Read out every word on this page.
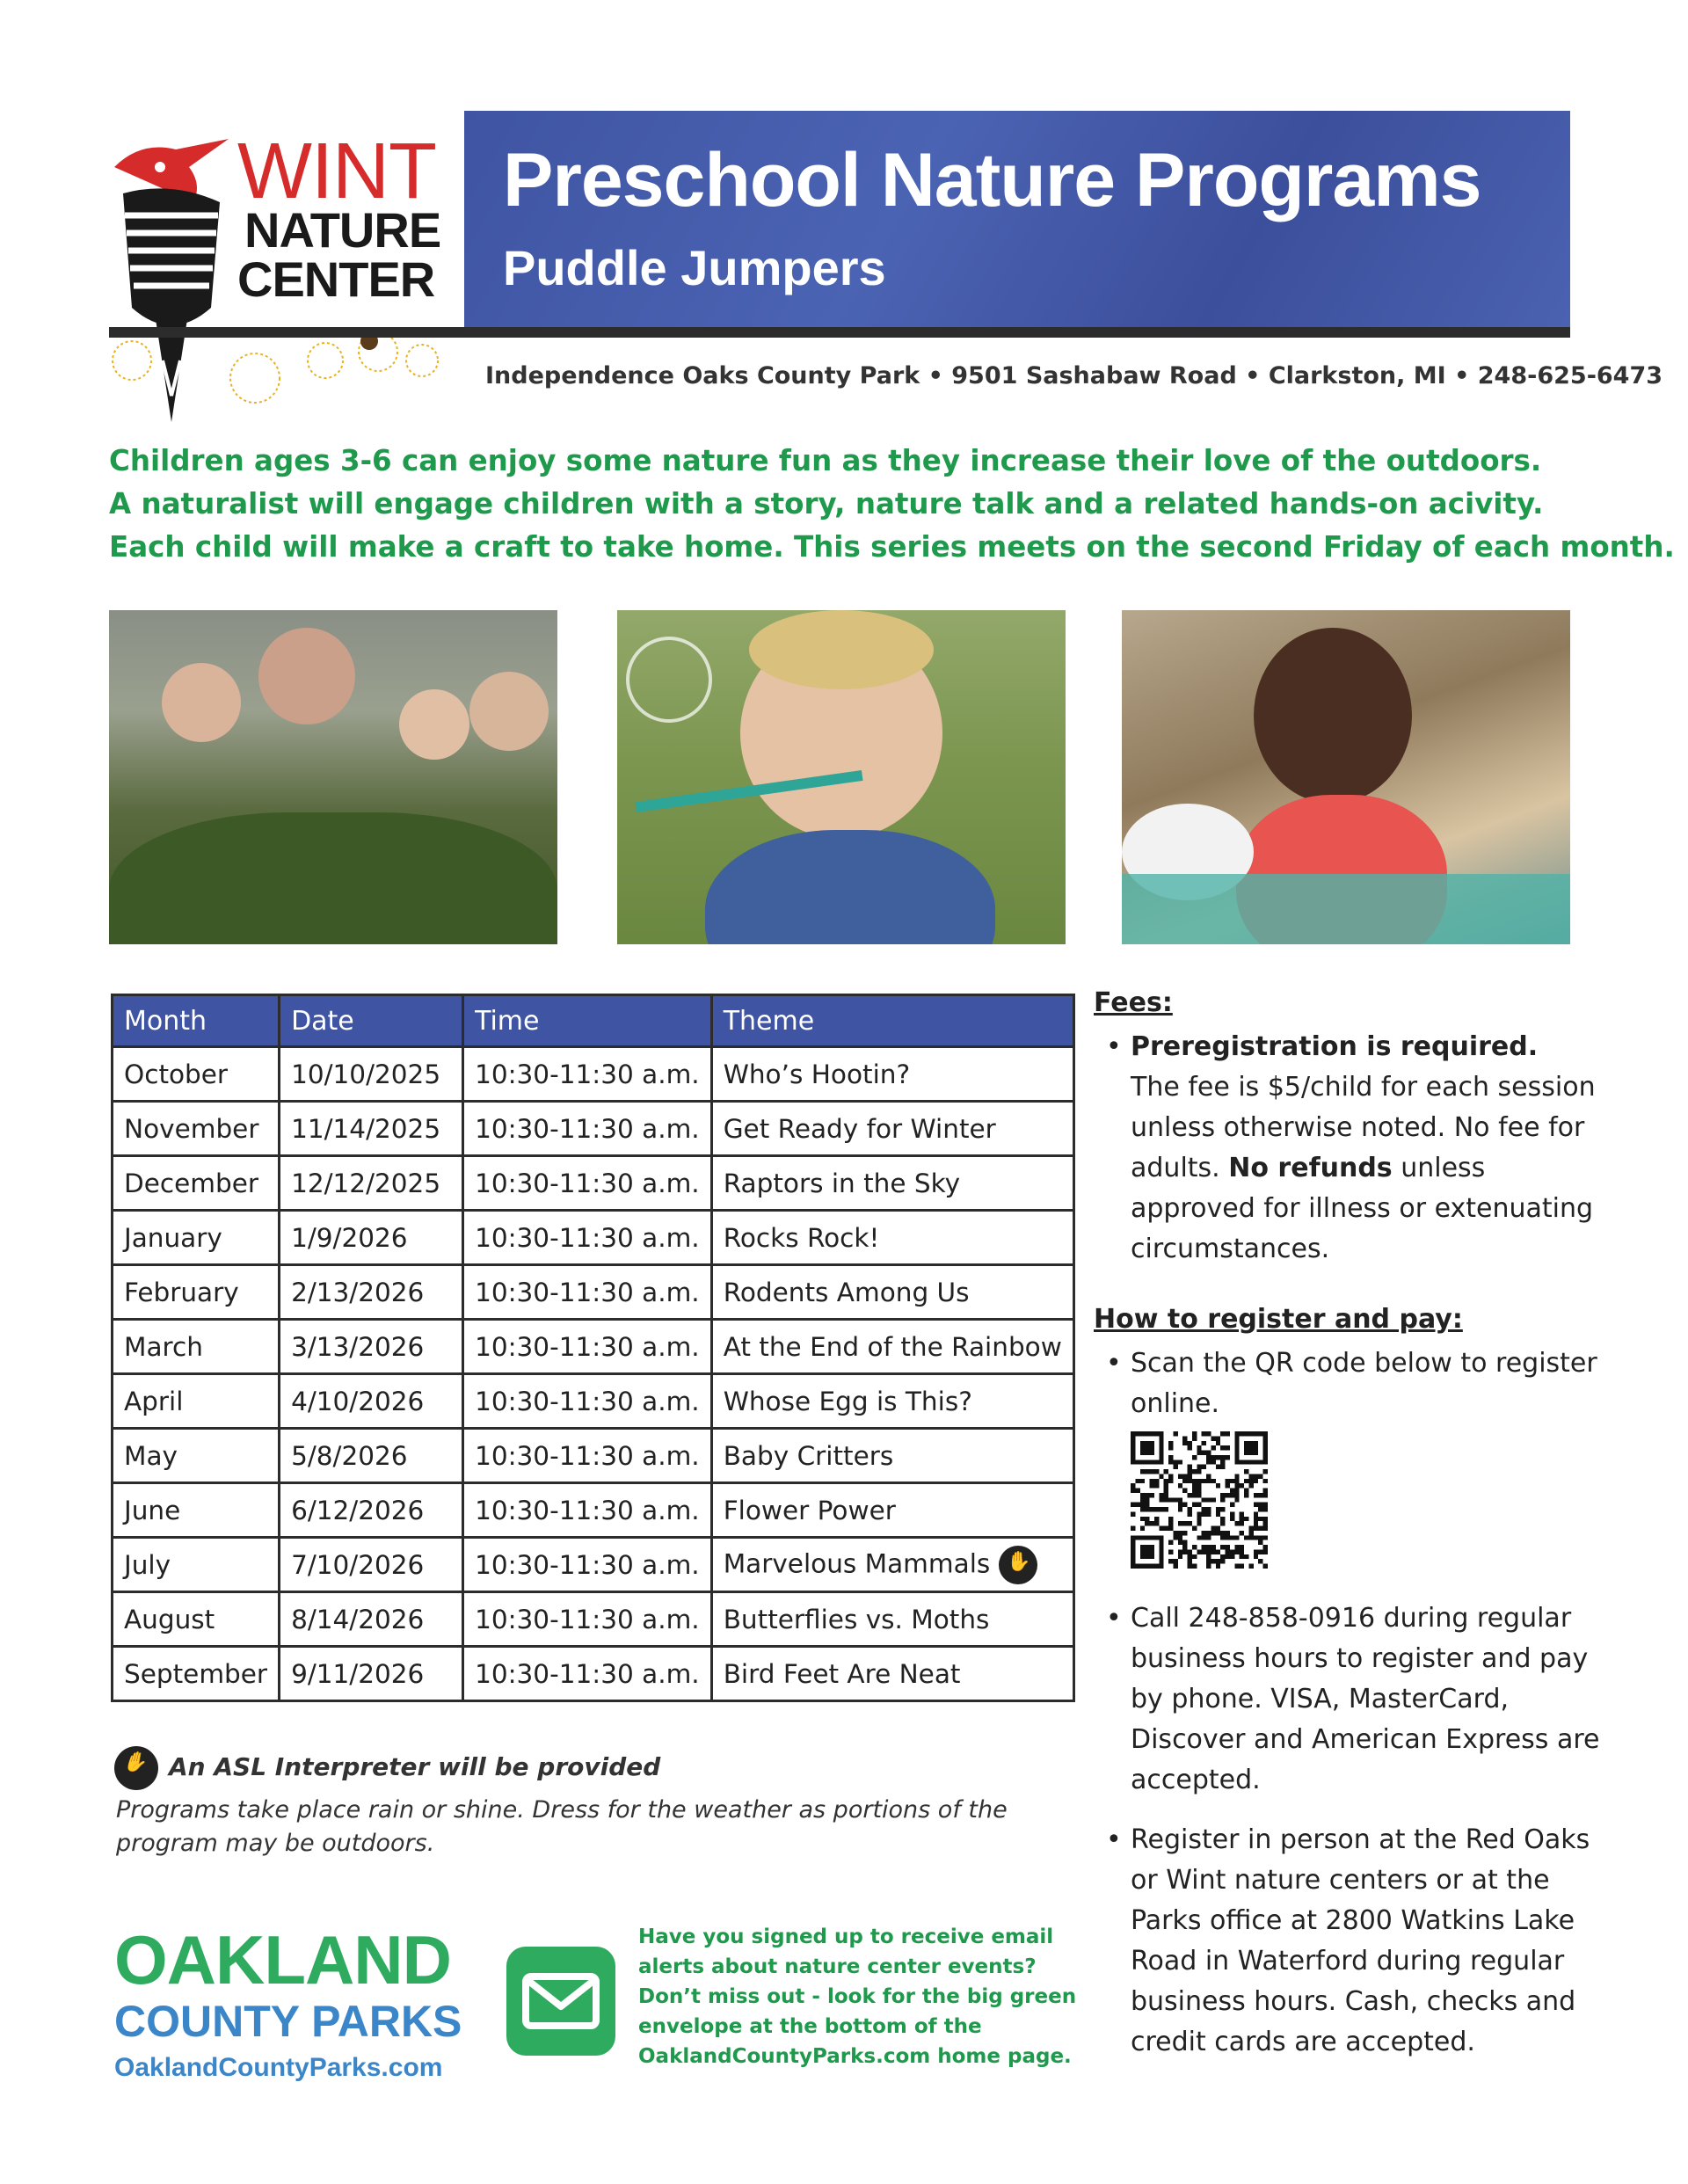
WINT
NATURE
CENTER
Preschool Nature Programs
Puddle Jumpers
Independence Oaks County Park • 9501 Sashabaw Road • Clarkston, MI • 248-625-6473
Children ages 3-6 can enjoy some nature fun as they increase their love of the outdoors.
A naturalist will engage children with a story, nature talk and a related hands-on acivity.
Each child will make a craft to take home. This series meets on the second Friday of each month.
Month	Date	Time	Theme
October	10/10/2025	10:30-11:30 a.m.	Who’s Hootin?
November	11/14/2025	10:30-11:30 a.m.	Get Ready for Winter
December	12/12/2025	10:30-11:30 a.m.	Raptors in the Sky
January	1/9/2026	10:30-11:30 a.m.	Rocks Rock!
February	2/13/2026	10:30-11:30 a.m.	Rodents Among Us
March	3/13/2026	10:30-11:30 a.m.	At the End of the Rainbow
April	4/10/2026	10:30-11:30 a.m.	Whose Egg is This?
May	5/8/2026	10:30-11:30 a.m.	Baby Critters
June	6/12/2026	10:30-11:30 a.m.	Flower Power
July	7/10/2026	10:30-11:30 a.m.	Marvelous Mammals✋
August	8/14/2026	10:30-11:30 a.m.	Butterflies vs. Moths
September	9/11/2026	10:30-11:30 a.m.	Bird Feet Are Neat
✋An ASL Interpreter will be provided
Programs take place rain or shine. Dress for the weather as portions of the program may be outdoors.
Fees:
• Preregistration is required.
The fee is $5/child for each session unless otherwise noted. No fee for adults. No refunds unless approved for illness or extenuating circumstances.
How to register and pay:
• Scan the QR code below to register online.
• Call 248-858-0916 during regular business hours to register and pay by phone. VISA, MasterCard, Discover and American Express are accepted.
• Register in person at the Red Oaks or Wint nature centers or at the Parks office at 2800 Watkins Lake Road in Waterford during regular business hours. Cash, checks and credit cards are accepted.
OAKLAND
COUNTY PARKS
OaklandCountyParks.com
Have you signed up to receive email alerts about nature center events? Don’t miss out - look for the big green envelope at the bottom of the OaklandCountyParks.com home page.
